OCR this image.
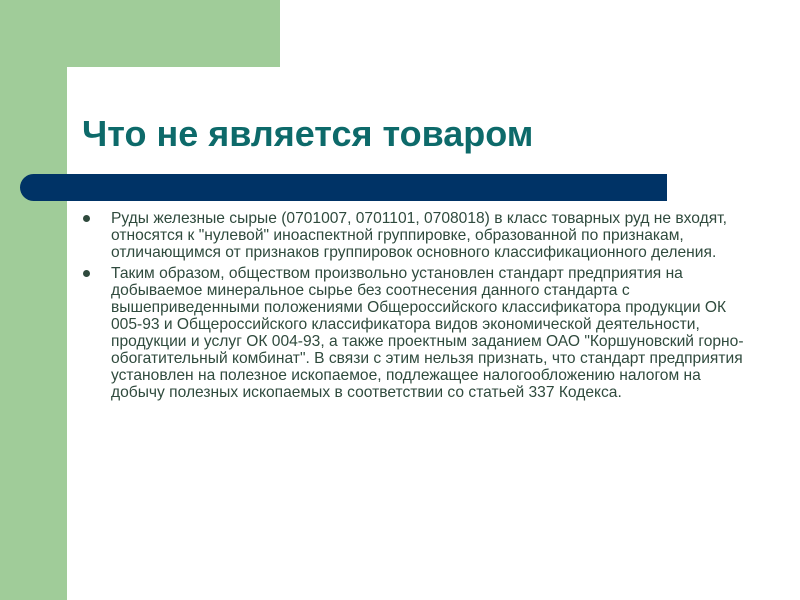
Что не является товаром
Руды железные сырые (0701007, 0701101, 0708018) в класс товарных руд не входят, относятся к "нулевой" иноаспектной группировке, образованной по признакам, отличающимся от признаков группировок основного классификационного деления.
Таким образом, обществом произвольно установлен стандарт предприятия на добываемое минеральное сырье без соотнесения данного стандарта с вышеприведенными положениями Общероссийского классификатора продукции ОК 005-93 и Общероссийского классификатора видов экономической деятельности, продукции и услуг ОК 004-93, а также проектным заданием ОАО "Коршуновский горно-обогатительный комбинат". В связи с этим нельзя признать, что стандарт предприятия установлен на полезное ископаемое, подлежащее налогообложению налогом на добычу полезных ископаемых в соответствии со статьей 337 Кодекса.
